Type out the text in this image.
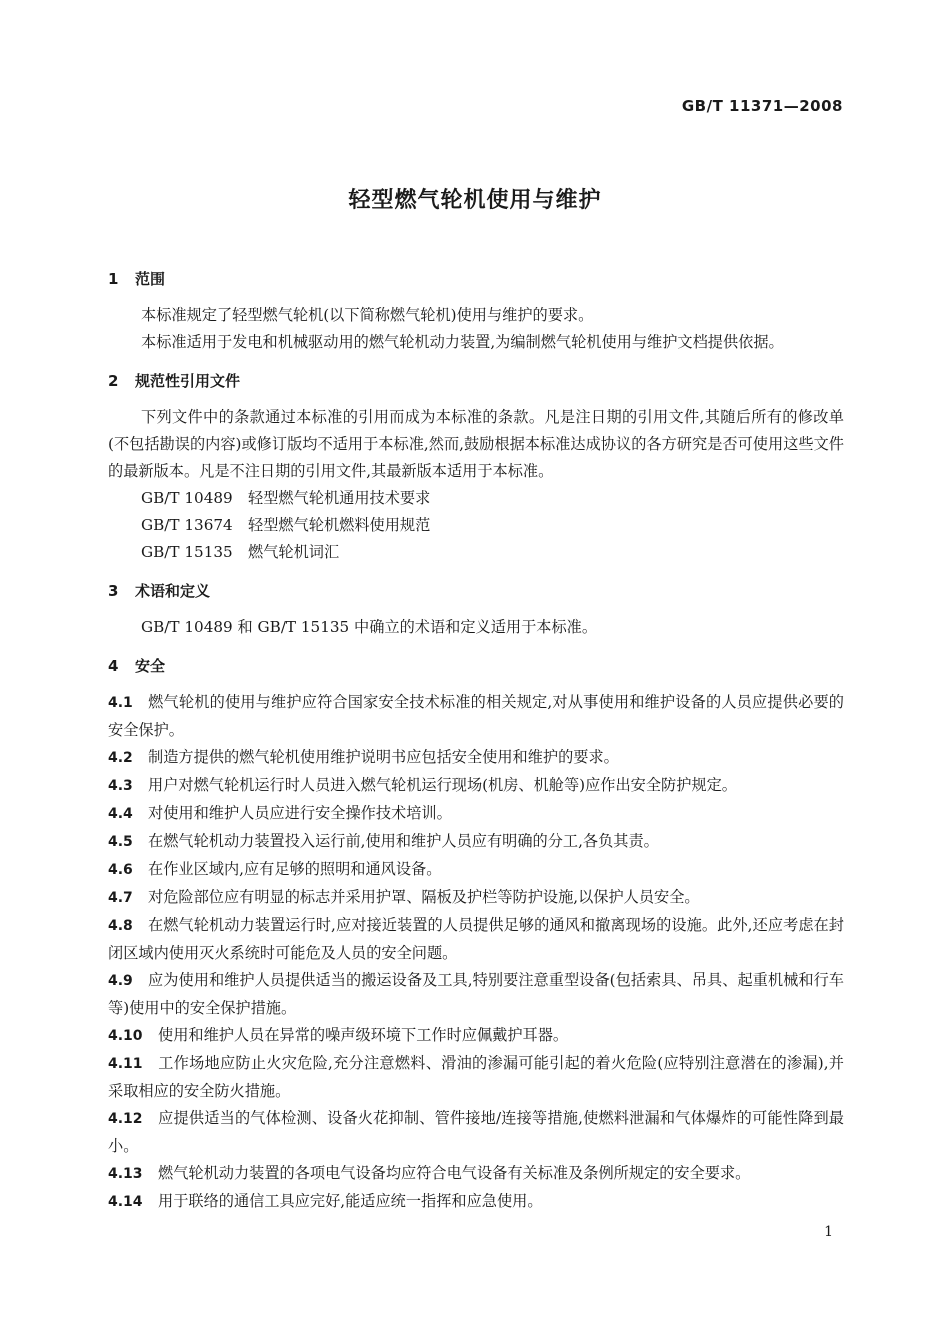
GB/T 11371—2008
轻型燃气轮机使用与维护
1 范围

本标准规定了轻型燃气轮机(以下简称燃气轮机)使用与维护的要求。

本标准适用于发电和机械驱动用的燃气轮机动力装置,为编制燃气轮机使用与维护文档提供依据。

2 规范性引用文件

下列文件中的条款通过本标准的引用而成为本标准的条款。凡是注日期的引用文件,其随后所有的修改单(不包括勘误的内容)或修订版均不适用于本标准,然而,鼓励根据本标准达成协议的各方研究是否可使用这些文件的最新版本。凡是不注日期的引用文件,其最新版本适用于本标准。

GB/T 10489 轻型燃气轮机通用技术要求
GB/T 13674 轻型燃气轮机燃料使用规范
GB/T 15135 燃气轮机词汇
3 术语和定义

GB/T 10489 和 GB/T 15135 中确立的术语和定义适用于本标准。

4 安全

4.1 燃气轮机的使用与维护应符合国家安全技术标准的相关规定,对从事使用和维护设备的人员应提供必要的安全保护。

4.2 制造方提供的燃气轮机使用维护说明书应包括安全使用和维护的要求。

4.3 用户对燃气轮机运行时人员进入燃气轮机运行现场(机房、机舱等)应作出安全防护规定。

4.4 对使用和维护人员应进行安全操作技术培训。

4.5 在燃气轮机动力装置投入运行前,使用和维护人员应有明确的分工,各负其责。

4.6 在作业区域内,应有足够的照明和通风设备。

4.7 对危险部位应有明显的标志并采用护罩、隔板及护栏等防护设施,以保护人员安全。

4.8 在燃气轮机动力装置运行时,应对接近装置的人员提供足够的通风和撤离现场的设施。此外,还应考虑在封闭区域内使用灭火系统时可能危及人员的安全问题。

4.9 应为使用和维护人员提供适当的搬运设备及工具,特别要注意重型设备(包括索具、吊具、起重机械和行车等)使用中的安全保护措施。

4.10 使用和维护人员在异常的噪声级环境下工作时应佩戴护耳器。

4.11 工作场地应防止火灾危险,充分注意燃料、滑油的渗漏可能引起的着火危险(应特别注意潜在的渗漏),并采取相应的安全防火措施。

4.12 应提供适当的气体检测、设备火花抑制、管件接地/连接等措施,使燃料泄漏和气体爆炸的可能性降到最小。

4.13 燃气轮机动力装置的各项电气设备均应符合电气设备有关标准及条例所规定的安全要求。

4.14 用于联络的通信工具应完好,能适应统一指挥和应急使用。

1
